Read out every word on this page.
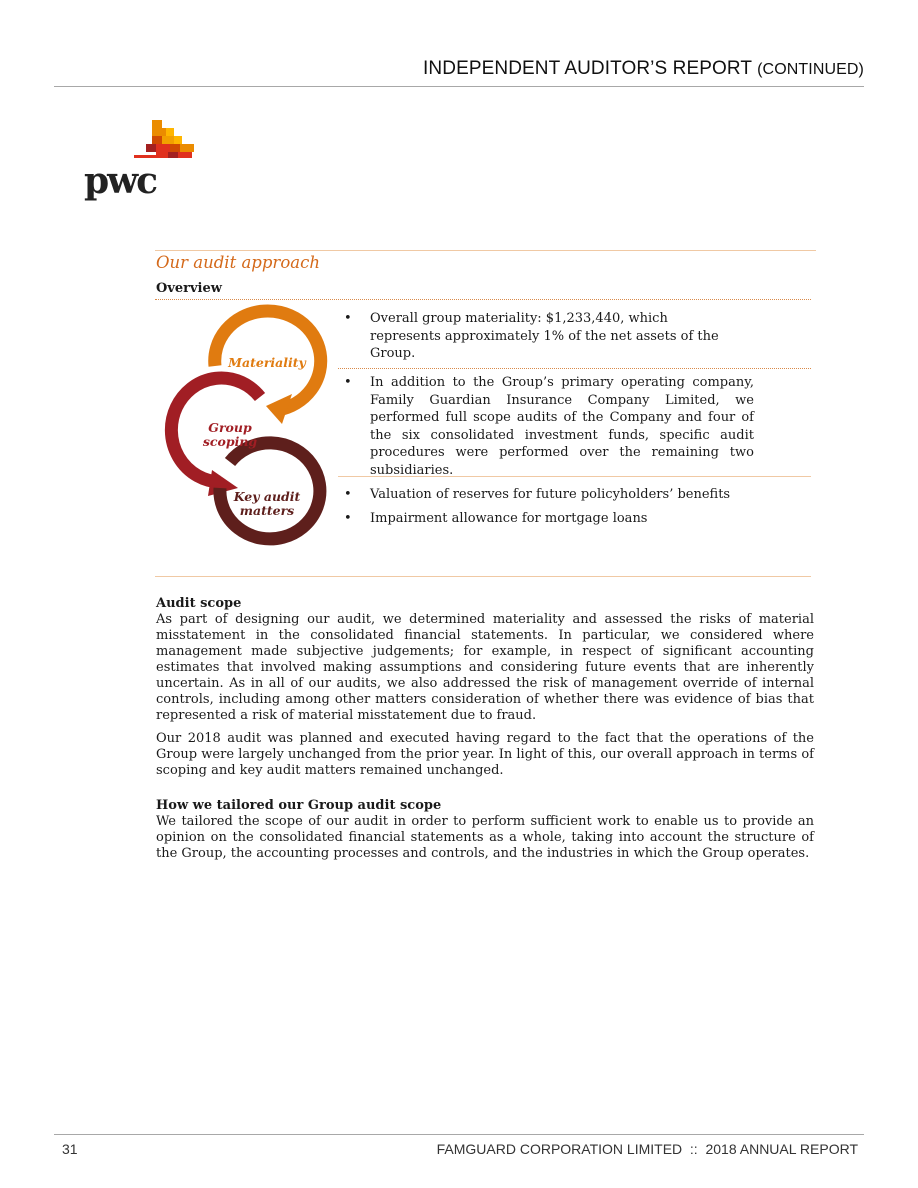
INDEPENDENT AUDITOR’S REPORT (CONTINUED)
pwc
Our audit approach
Overview
Materiality
Group
scoping
Key audit
matters
• Overall group materiality: $1,233,440, which represents approximately 1% of the net assets of the Group.
• In addition to the Group’s primary operating company, Family Guardian Insurance Company Limited, we performed full scope audits of the Company and four of the six consolidated investment funds, specific audit procedures were performed over the remaining two subsidiaries.
• Valuation of reserves for future policyholders’ benefits
• Impairment allowance for mortgage loans
Audit scope
As part of designing our audit, we determined materiality and assessed the risks of material misstatement in the consolidated financial statements. In particular, we considered where management made subjective judgements; for example, in respect of significant accounting estimates that involved making assumptions and considering future events that are inherently uncertain. As in all of our audits, we also addressed the risk of management override of internal controls, including among other matters consideration of whether there was evidence of bias that represented a risk of material misstatement due to fraud.
Our 2018 audit was planned and executed having regard to the fact that the operations of the Group were largely unchanged from the prior year. In light of this, our overall approach in terms of scoping and key audit matters remained unchanged.
How we tailored our Group audit scope
We tailored the scope of our audit in order to perform sufficient work to enable us to provide an opinion on the consolidated financial statements as a whole, taking into account the structure of the Group, the accounting processes and controls, and the industries in which the Group operates.
31	FAMGUARD CORPORATION LIMITED  ::  2018 ANNUAL REPORT
